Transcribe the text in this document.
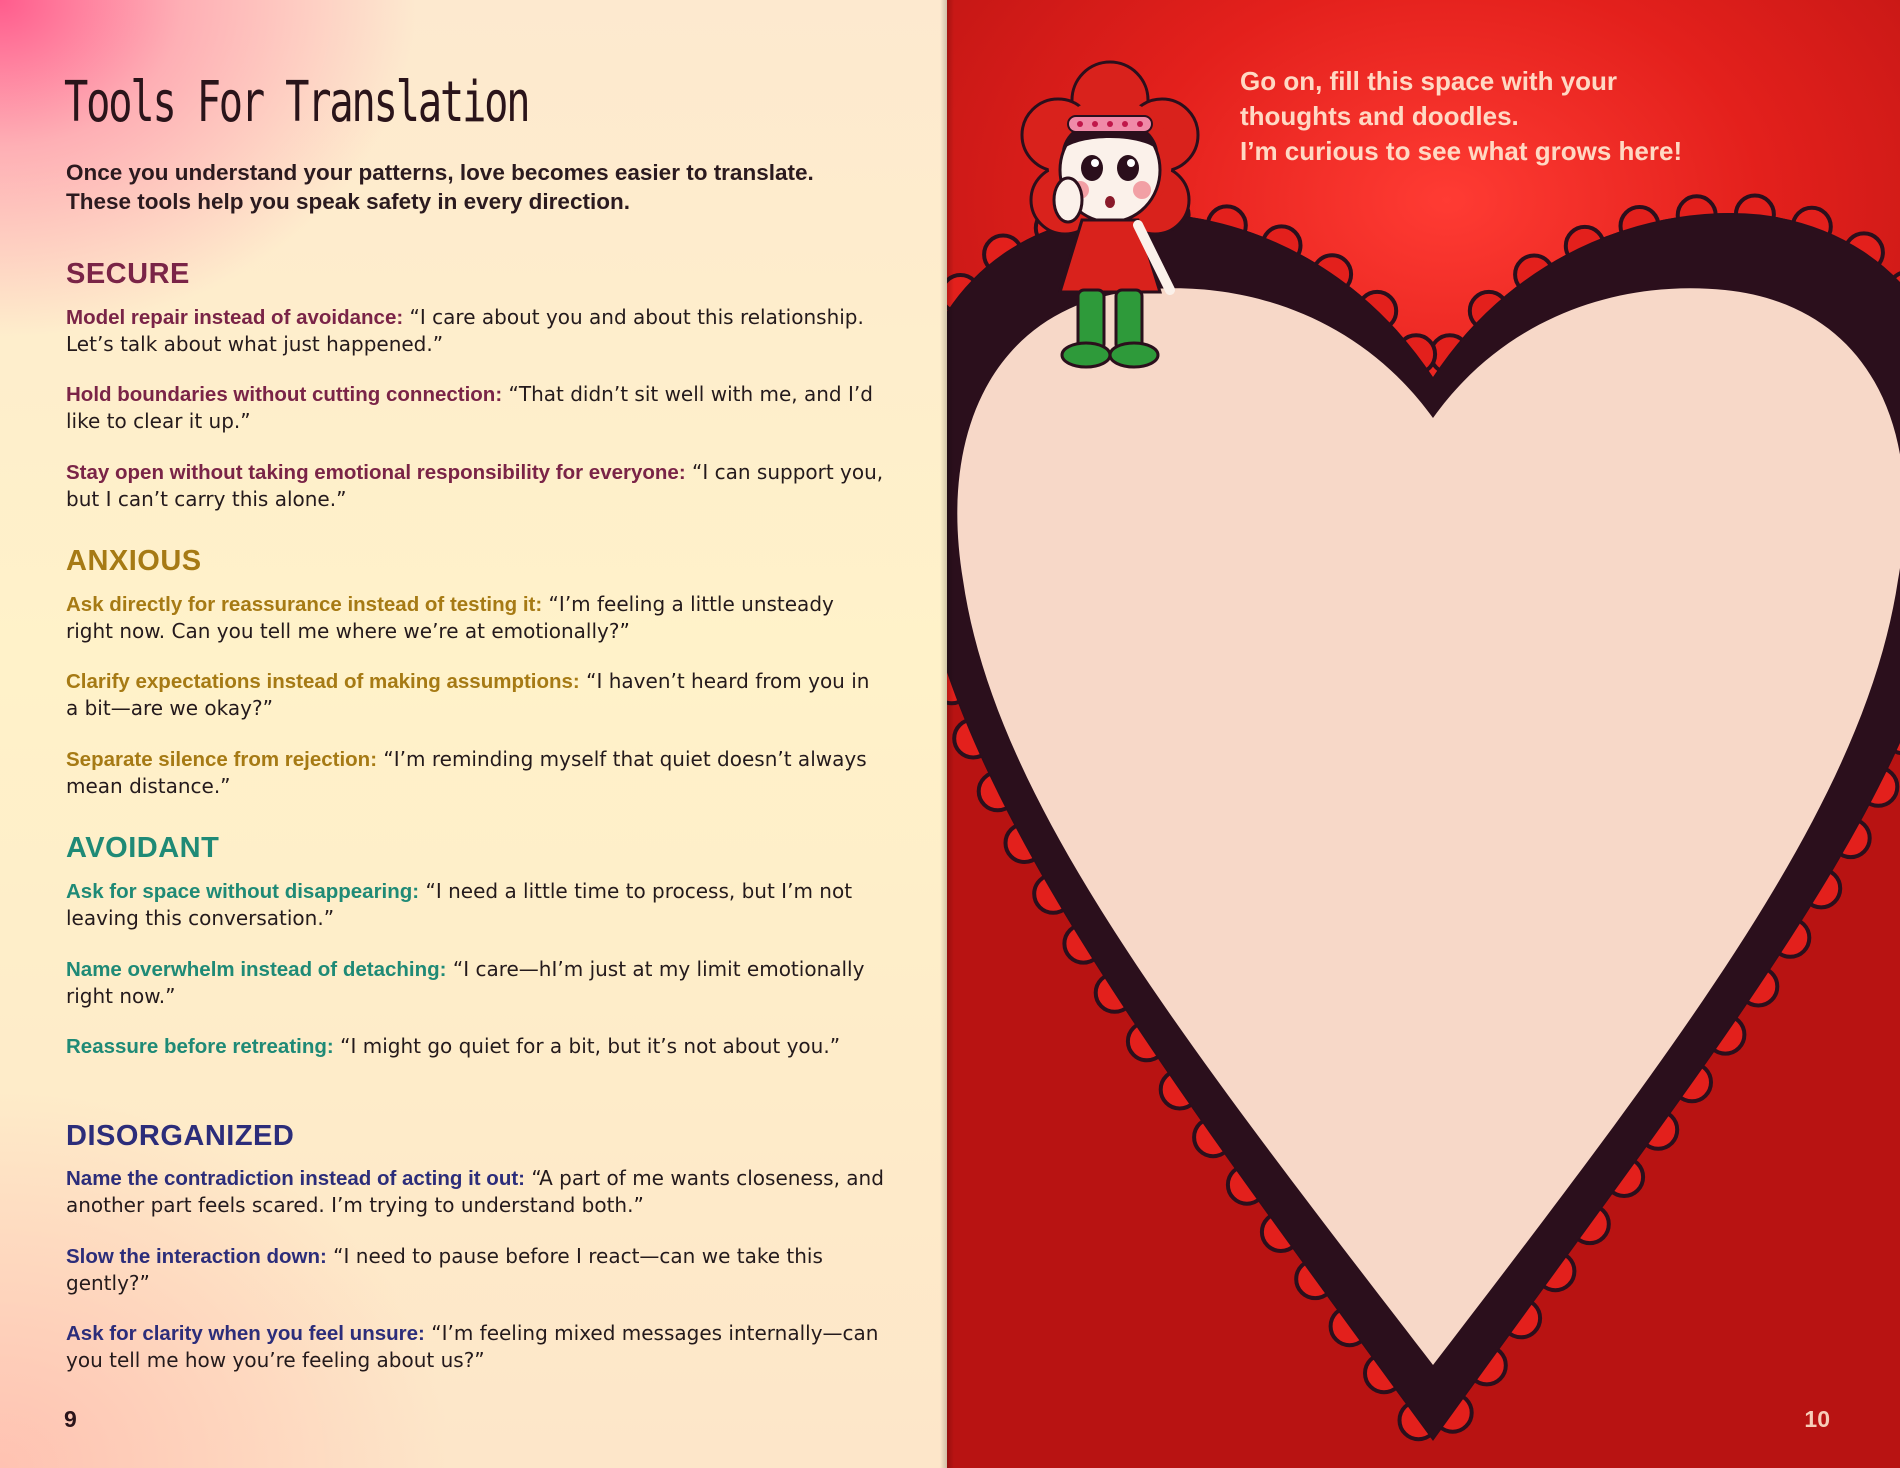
Tools For Translation

Once you understand your patterns, love becomes easier to translate. These tools help you speak safety in every direction.

SECURE

Model repair instead of avoidance: “I care about you and about this relationship. Let’s talk about what just happened.”

Hold boundaries without cutting connection: “That didn’t sit well with me, and I’d like to clear it up.”

Stay open without taking emotional responsibility for everyone: “I can support you, but I can’t carry this alone.”

ANXIOUS

Ask directly for reassurance instead of testing it: “I’m feeling a little unsteady right now. Can you tell me where we’re at emotionally?”

Clarify expectations instead of making assumptions: “I haven’t heard from you in a bit—are we okay?”

Separate silence from rejection: “I’m reminding myself that quiet doesn’t always mean distance.”

AVOIDANT

Ask for space without disappearing: “I need a little time to process, but I’m not leaving this conversation.”

Name overwhelm instead of detaching: “I care—hI’m just at my limit emotionally right now.”

Reassure before retreating: “I might go quiet for a bit, but it’s not about you.”

DISORGANIZED

Name the contradiction instead of acting it out: “A part of me wants closeness, and another part feels scared. I’m trying to understand both.”

Slow the interaction down: “I need to pause before I react—can we take this gently?”

Ask for clarity when you feel unsure: “I’m feeling mixed messages internally—can you tell me how you’re feeling about us?”

9

Go on, fill this space with your
thoughts and doodles.
I’m curious to see what grows here!

10
